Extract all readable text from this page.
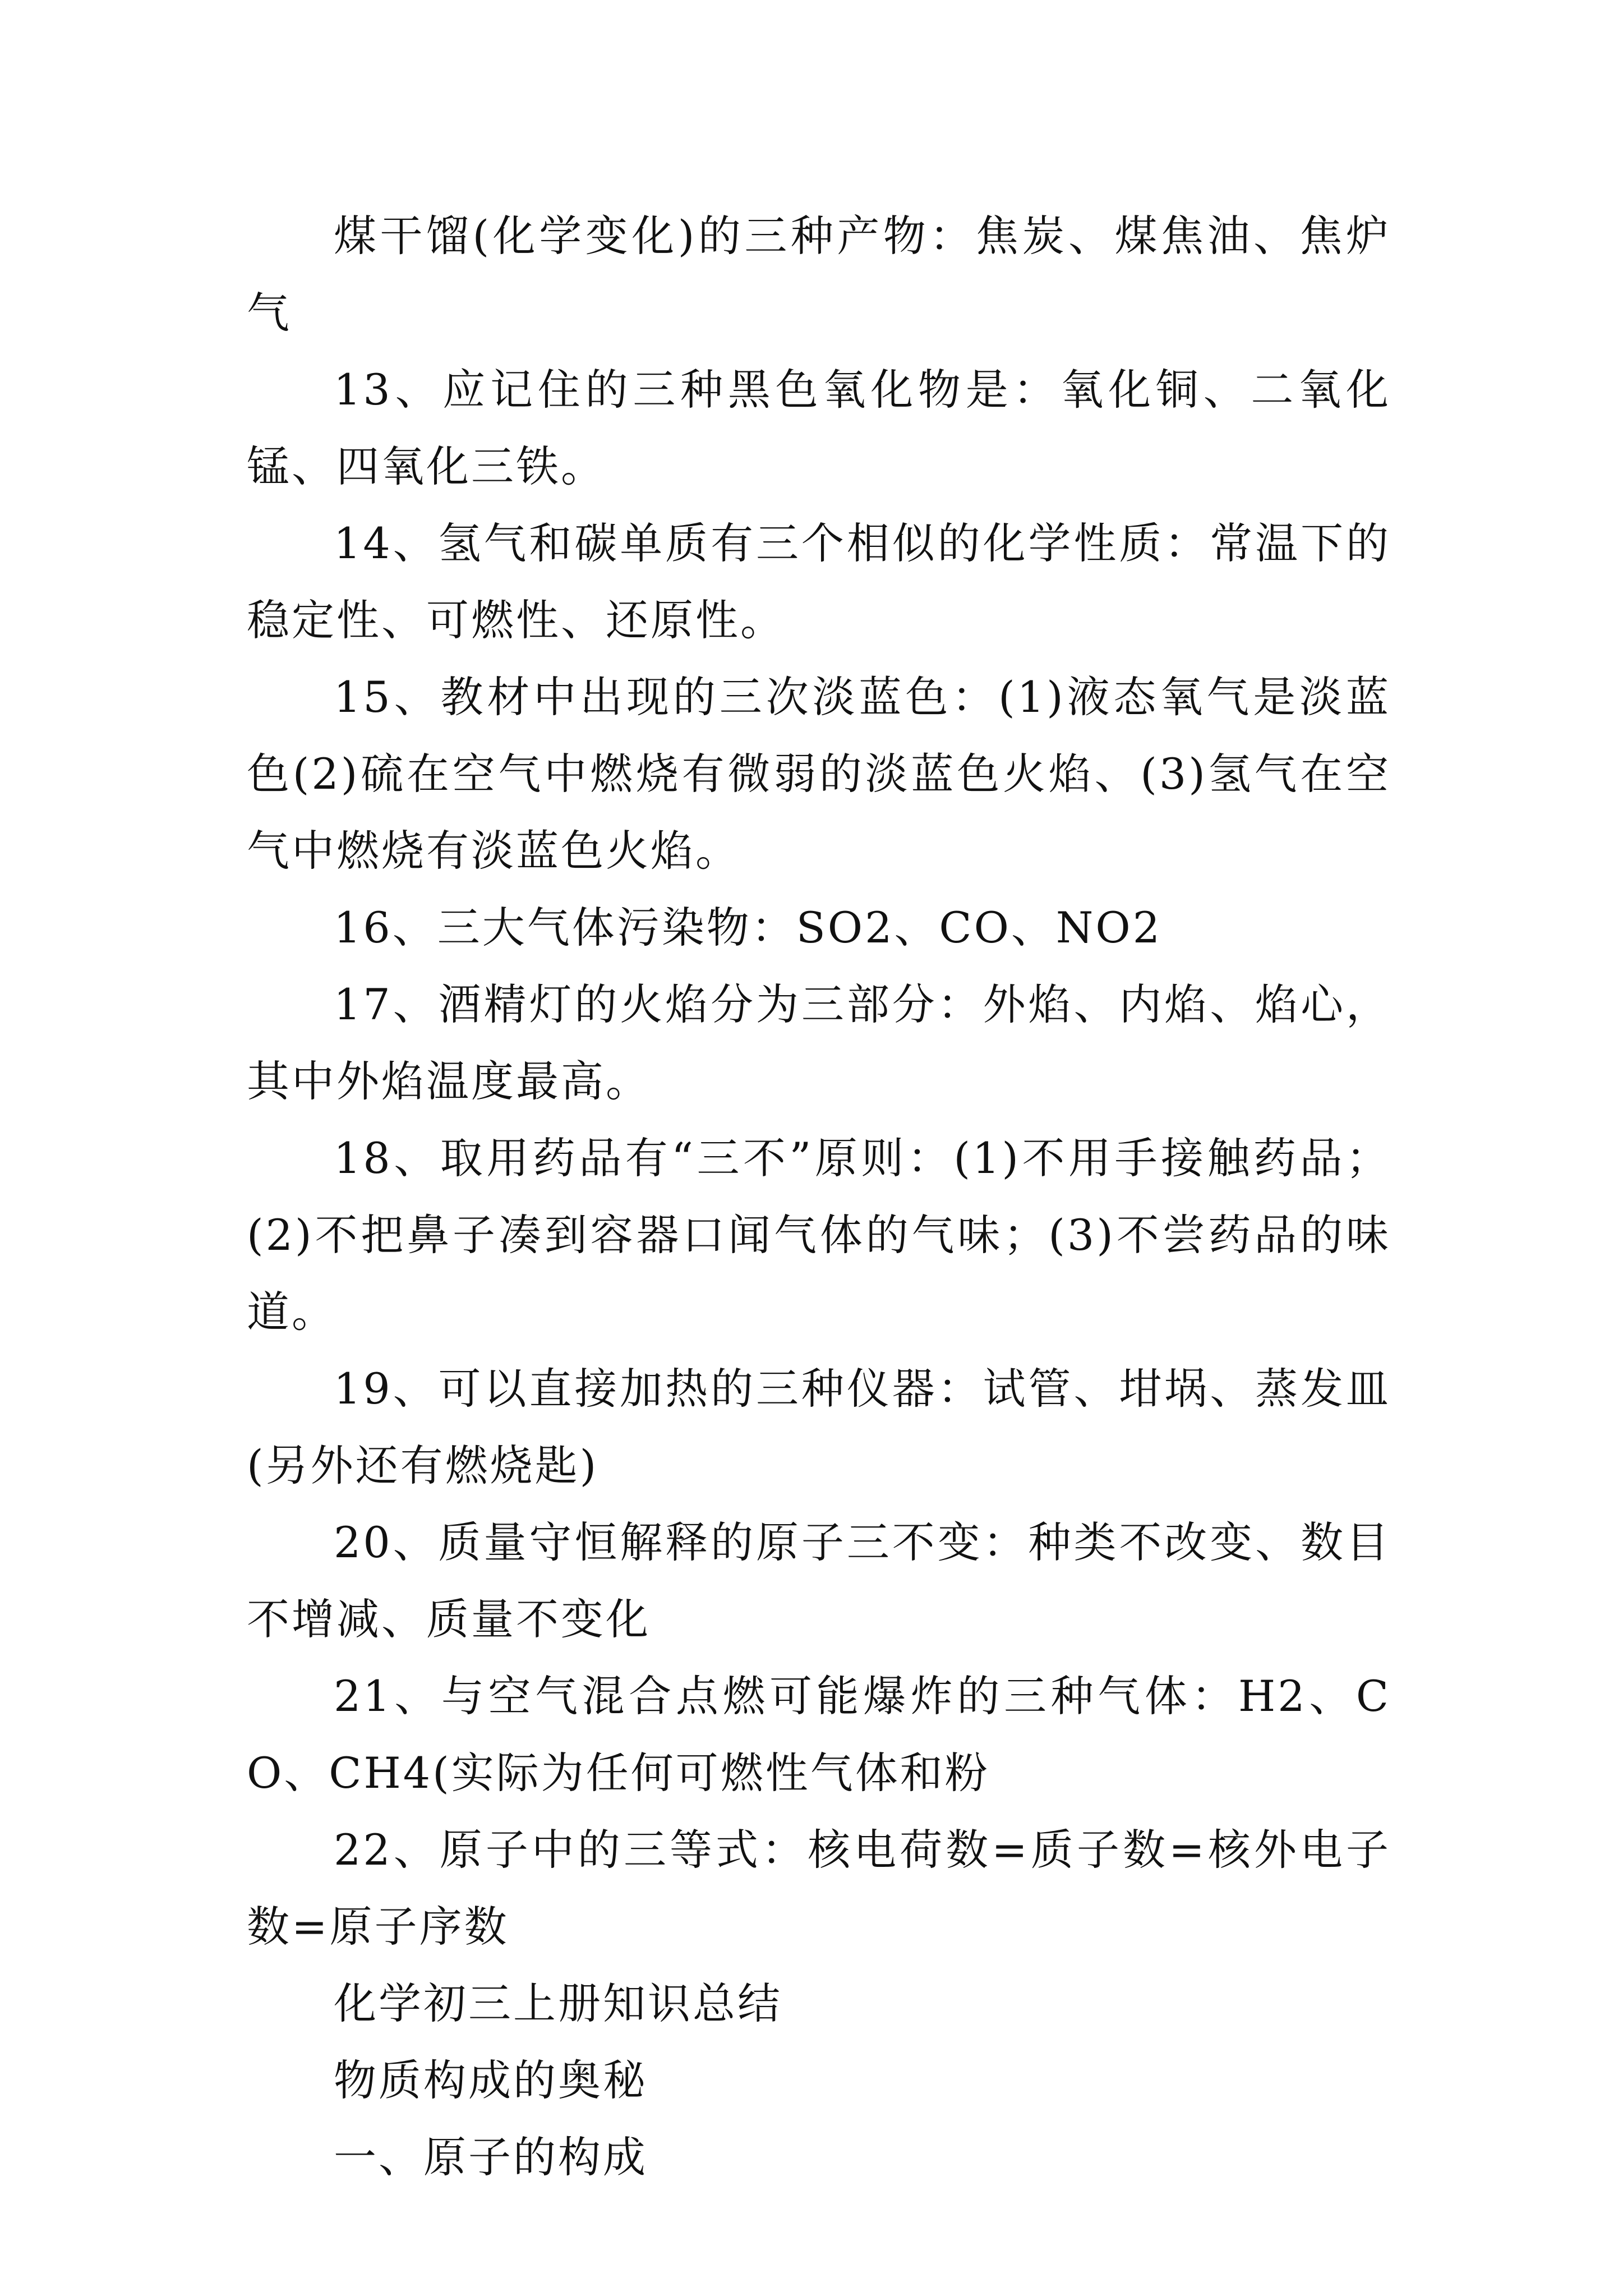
煤干馏(化学变化)的三种产物：焦炭、煤焦油、焦炉气

13、应记住的三种黑色氧化物是：氧化铜、二氧化锰、四氧化三铁。

14、氢气和碳单质有三个相似的化学性质：常温下的稳定性、可燃性、还原性。

15、教材中出现的三次淡蓝色：(1)液态氧气是淡蓝色(2)硫在空气中燃烧有微弱的淡蓝色火焰、(3)氢气在空气中燃烧有淡蓝色火焰。

16、三大气体污染物：SO2、CO、NO2

17、酒精灯的火焰分为三部分：外焰、内焰、焰心，其中外焰温度最高。

18、取用药品有“三不”原则：(1)不用手接触药品；(2)不把鼻子凑到容器口闻气体的气味；(3)不尝药品的味道。

19、可以直接加热的三种仪器：试管、坩埚、蒸发皿(另外还有燃烧匙)

20、质量守恒解释的原子三不变：种类不改变、数目不增减、质量不变化

21、与空气混合点燃可能爆炸的三种气体：H2、CO、CH4(实际为任何可燃性气体和粉

22、原子中的三等式：核电荷数=质子数=核外电子数=原子序数

化学初三上册知识总结

物质构成的奥秘

一、原子的构成
